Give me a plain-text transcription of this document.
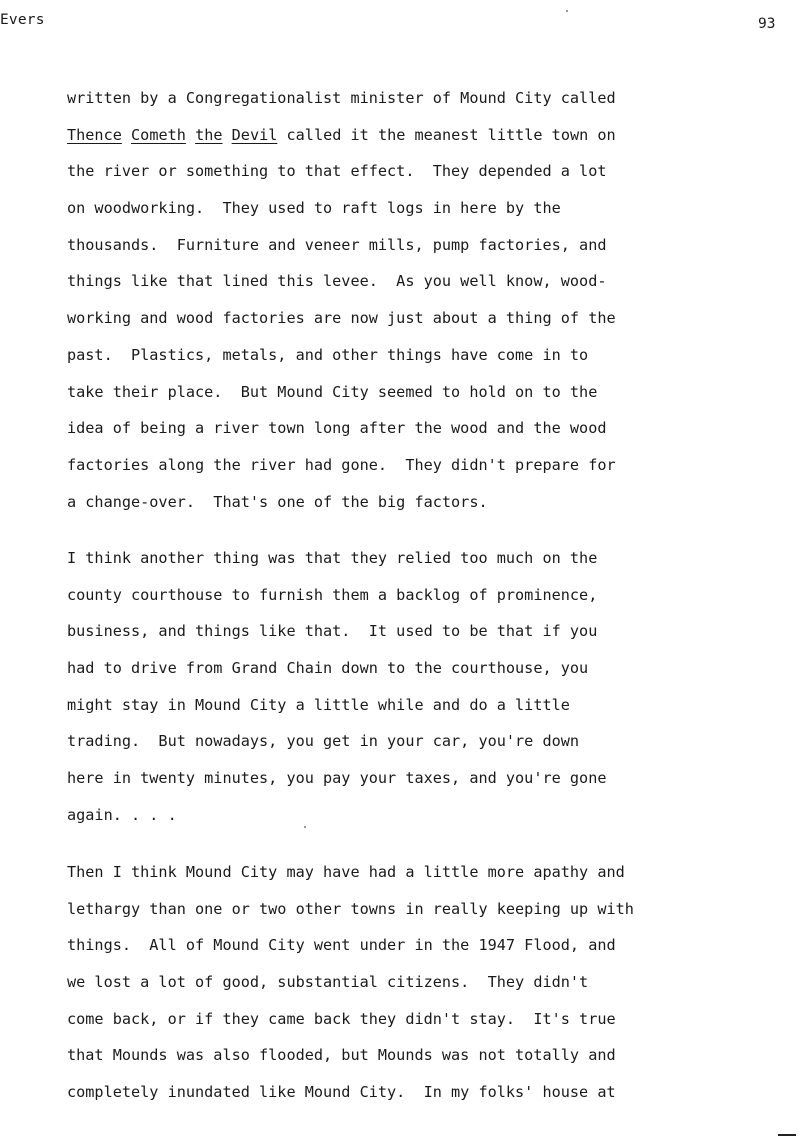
Evers	93
written by a Congregationalist minister of Mound City called
Thence Cometh the Devil called it the meanest little town on
the river or something to that effect.  They depended a lot
on woodworking.  They used to raft logs in here by the
thousands.  Furniture and veneer mills, pump factories, and
things like that lined this levee.  As you well know, wood-
working and wood factories are now just about a thing of the
past.  Plastics, metals, and other things have come in to
take their place.  But Mound City seemed to hold on to the
idea of being a river town long after the wood and the wood
factories along the river had gone.  They didn't prepare for
a change-over.  That's one of the big factors.
I think another thing was that they relied too much on the
county courthouse to furnish them a backlog of prominence,
business, and things like that.  It used to be that if you
had to drive from Grand Chain down to the courthouse, you
might stay in Mound City a little while and do a little
trading.  But nowadays, you get in your car, you're down
here in twenty minutes, you pay your taxes, and you're gone
again. . . .
Then I think Mound City may have had a little more apathy and
lethargy than one or two other towns in really keeping up with
things.  All of Mound City went under in the 1947 Flood, and
we lost a lot of good, substantial citizens.  They didn't
come back, or if they came back they didn't stay.  It's true
that Mounds was also flooded, but Mounds was not totally and
completely inundated like Mound City.  In my folks' house at
